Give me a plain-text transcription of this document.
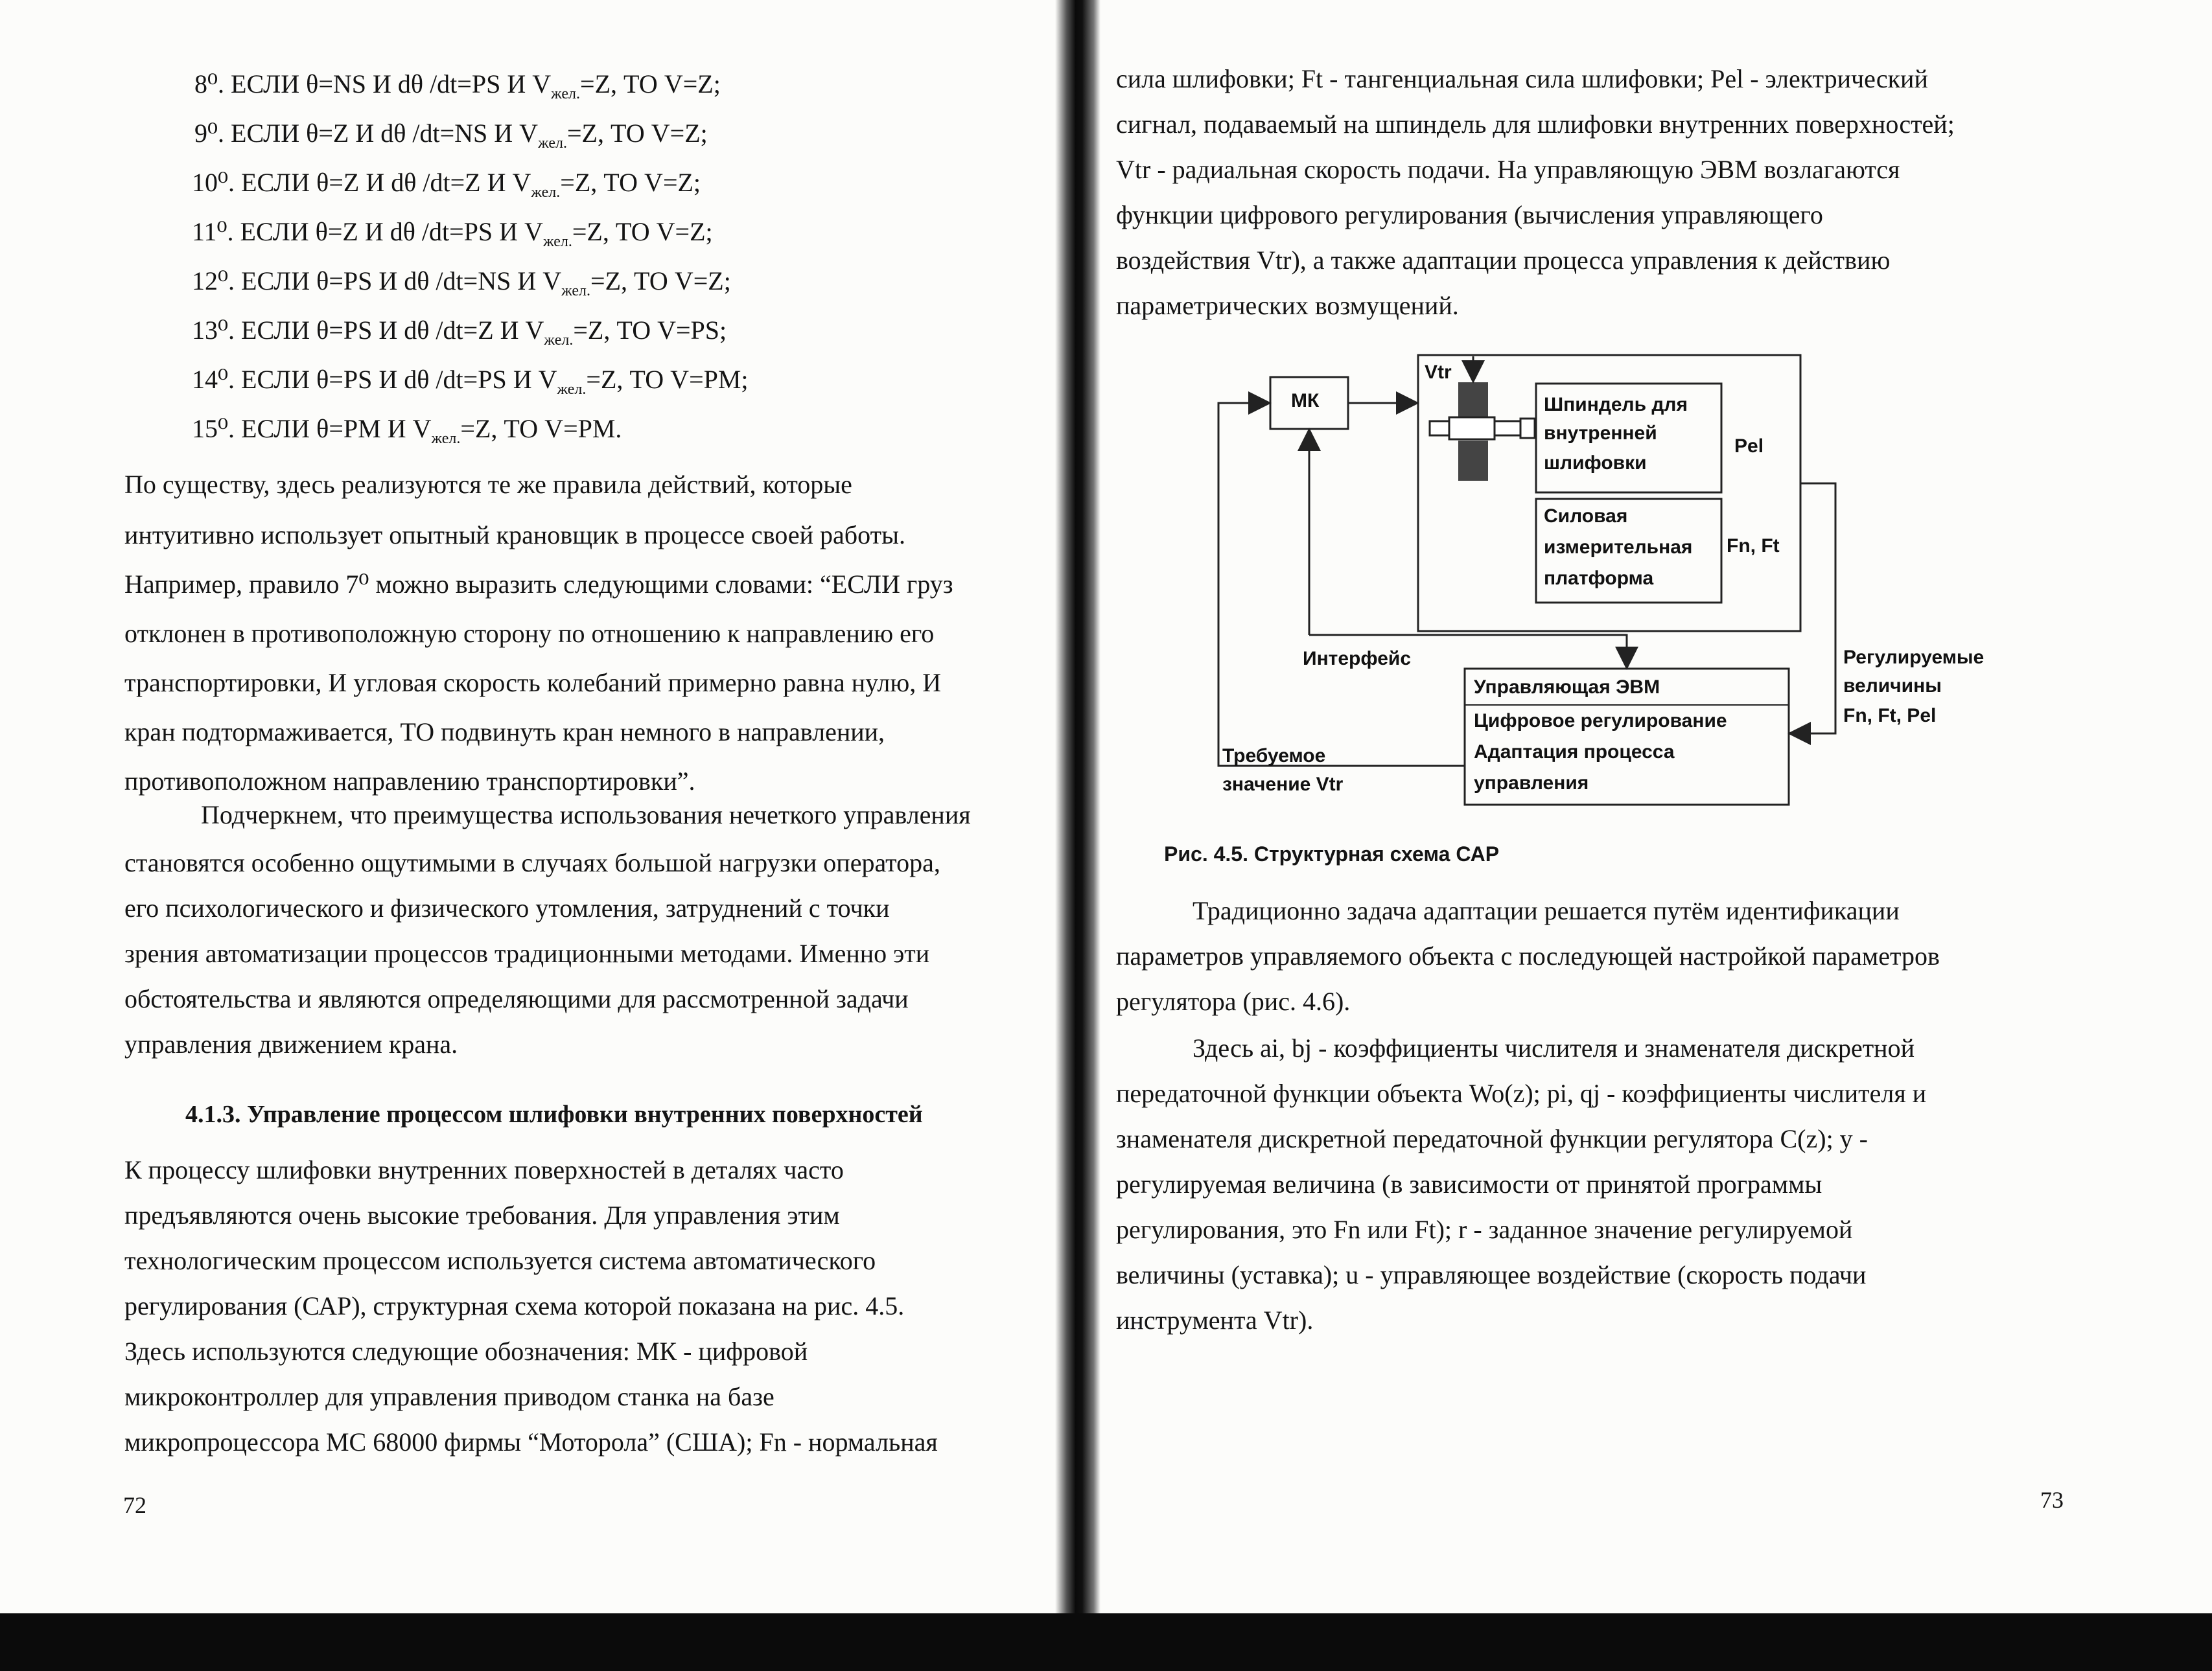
8⁰. ЕСЛИ θ=NS И dθ /dt=PS И $V_{жел.}=Z$, ТО V=Z;
9⁰. ЕСЛИ θ=Z И dθ /dt=NS И $V_{жел.}=Z$, ТО V=Z;
10⁰. ЕСЛИ θ=Z И dθ /dt=Z И $V_{жел.}=Z$, ТО V=Z;
11⁰. ЕСЛИ θ=Z И dθ /dt=PS И $V_{жел.}=Z$, ТО V=Z;
12⁰. ЕСЛИ θ=PS И dθ /dt=NS И $V_{жел.}=Z$, ТО V=Z;
13⁰. ЕСЛИ θ=PS И dθ /dt=Z И $V_{жел.}=Z$, ТО V=PS;
14⁰. ЕСЛИ θ=PS И dθ /dt=PS И $V_{жел.}=Z$, ТО V=PM;
15⁰. ЕСЛИ θ=PM И $V_{жел.}=Z$, ТО V=PM.
По существу, здесь реализуются те же правила действий, которые
интуитивно использует опытный крановщик в процессе своей работы.
Например, правило 7⁰ можно выразить следующими словами: “ЕСЛИ груз
отклонен в противоположную сторону по отношению к направлению его
транспортировки, И угловая скорость колебаний примерно равна нулю, И
кран подтормаживается, ТО подвинуть кран немного в направлении,
противоположном направлению транспортировки”.
Подчеркнем, что преимущества использования нечеткого управления
становятся особенно ощутимыми в случаях большой нагрузки оператора,
его психологического и физического утомления, затруднений с точки
зрения автоматизации процессов традиционными методами. Именно эти
обстоятельства и являются определяющими для рассмотренной задачи
управления движением крана.
4.1.3. Управление процессом шлифовки внутренних поверхностей
К процессу шлифовки внутренних поверхностей в деталях часто
предъявляются очень высокие требования. Для управления этим
технологическим процессом используется система автоматического
регулирования (САР), структурная схема которой показана на рис. 4.5.
Здесь используются следующие обозначения: МК - цифровой
микроконтроллер для управления приводом станка на базе
микропроцессора МС 68000 фирмы “Моторола” (США); Fn - нормальная
72
сила шлифовки; Ft - тангенциальная сила шлифовки; Pel - электрический
сигнал, подаваемый на шпиндель для шлифовки внутренних поверхностей;
Vtr - радиальная скорость подачи. На управляющую ЭВМ возлагаются
функции цифрового регулирования (вычисления управляющего
воздействия Vtr), а также адаптации процесса управления к действию
параметрических возмущений.
МК
Vtr
Шпиндель для
внутренней
шлифовки
Pel
Силовая
измерительная
платформа
Fn, Ft
Интерфейс
Управляющая ЭВМ
Цифровое регулирование
Адаптация процесса
управления
Регулируемые
величины
Fn, Ft, Pel
Требуемое
значение Vtr
Рис. 4.5. Структурная схема САР
Традиционно задача адаптации решается путём идентификации
параметров управляемого объекта с последующей настройкой параметров
регулятора (рис. 4.6).
Здесь ai, bj - коэффициенты числителя и знаменателя дискретной
передаточной функции объекта Wo(z); pi, qj - коэффициенты числителя и
знаменателя дискретной передаточной функции регулятора C(z); y -
регулируемая величина (в зависимости от принятой программы
регулирования, это Fn или Ft); r - заданное значение регулируемой
величины (уставка); u - управляющее воздействие (скорость подачи
инструмента Vtr).
73
